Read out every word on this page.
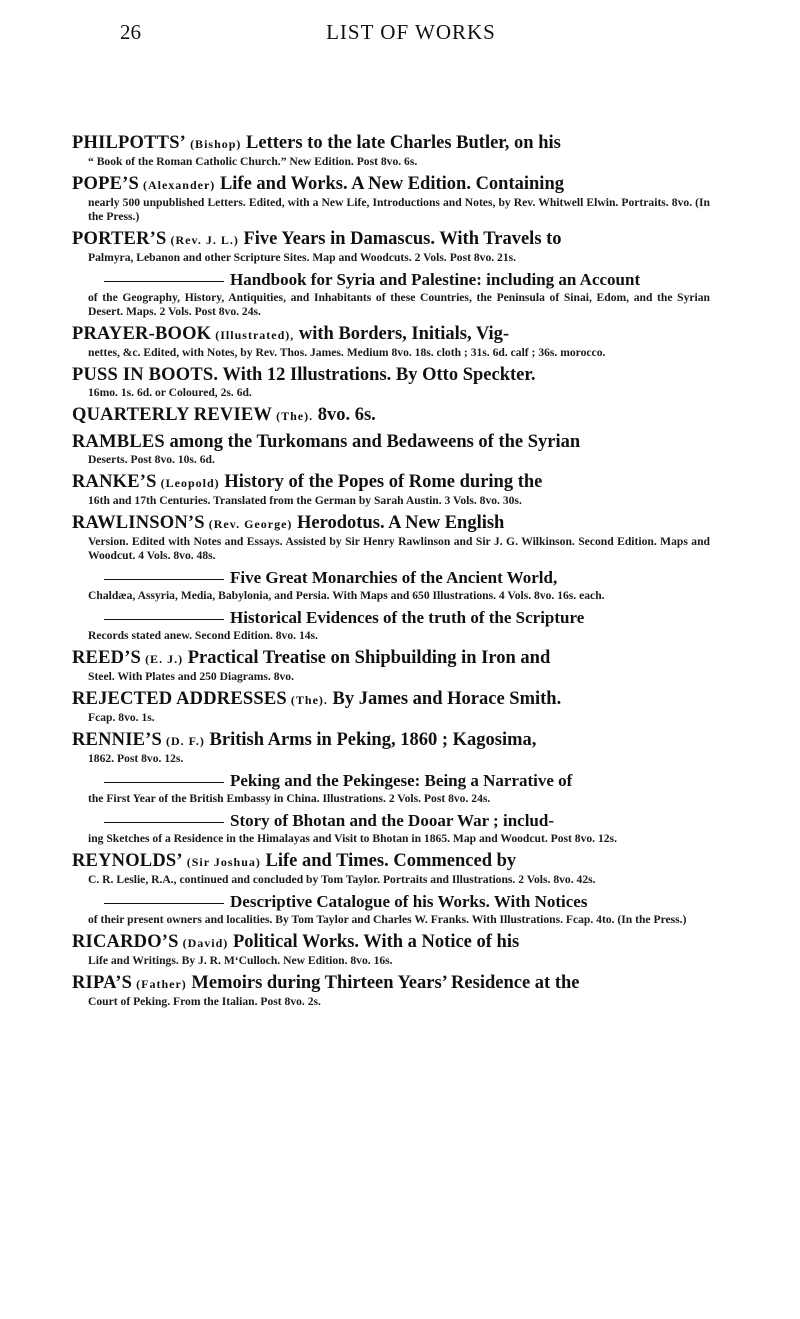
26	LIST OF WORKS
PHILPOTTS’ (Bishop) Letters to the late Charles Butler, on his
“ Book of the Roman Catholic Church.” New Edition. Post 8vo. 6s.
POPE’S (Alexander) Life and Works. A New Edition. Containing
nearly 500 unpublished Letters. Edited, with a New Life, Introductions and Notes, by Rev. Whitwell Elwin. Portraits. 8vo. (In the Press.)
PORTER’S (Rev. J. L.) Five Years in Damascus. With Travels to
Palmyra, Lebanon and other Scripture Sites. Map and Woodcuts. 2 Vols. Post 8vo. 21s.
Handbook for Syria and Palestine: including an Account
of the Geography, History, Antiquities, and Inhabitants of these Countries, the Peninsula of Sinai, Edom, and the Syrian Desert. Maps. 2 Vols. Post 8vo. 24s.
PRAYER-BOOK (Illustrated), with Borders, Initials, Vig-
nettes, &c. Edited, with Notes, by Rev. Thos. James. Medium 8vo. 18s. cloth ; 31s. 6d. calf ; 36s. morocco.
PUSS IN BOOTS. With 12 Illustrations. By Otto Speckter.
16mo. 1s. 6d. or Coloured, 2s. 6d.
QUARTERLY REVIEW (The). 8vo. 6s.
RAMBLES among the Turkomans and Bedaweens of the Syrian
Deserts. Post 8vo. 10s. 6d.
RANKE’S (Leopold) History of the Popes of Rome during the
16th and 17th Centuries. Translated from the German by Sarah Austin. 3 Vols. 8vo. 30s.
RAWLINSON’S (Rev. George) Herodotus. A New English
Version. Edited with Notes and Essays. Assisted by Sir Henry Rawlinson and Sir J. G. Wilkinson. Second Edition. Maps and Woodcut. 4 Vols. 8vo. 48s.
Five Great Monarchies of the Ancient World,
Chaldæa, Assyria, Media, Babylonia, and Persia. With Maps and 650 Illustrations. 4 Vols. 8vo. 16s. each.
Historical Evidences of the truth of the Scripture
Records stated anew. Second Edition. 8vo. 14s.
REED’S (E. J.) Practical Treatise on Shipbuilding in Iron and
Steel. With Plates and 250 Diagrams. 8vo.
REJECTED ADDRESSES (The). By James and Horace Smith.
Fcap. 8vo. 1s.
RENNIE’S (D. F.) British Arms in Peking, 1860 ; Kagosima,
1862. Post 8vo. 12s.
Peking and the Pekingese: Being a Narrative of
the First Year of the British Embassy in China. Illustrations. 2 Vols. Post 8vo. 24s.
Story of Bhotan and the Dooar War ; includ-
ing Sketches of a Residence in the Himalayas and Visit to Bhotan in 1865. Map and Woodcut. Post 8vo. 12s.
REYNOLDS’ (Sir Joshua) Life and Times. Commenced by
C. R. Leslie, R.A., continued and concluded by Tom Taylor. Portraits and Illustrations. 2 Vols. 8vo. 42s.
Descriptive Catalogue of his Works. With Notices
of their present owners and localities. By Tom Taylor and Charles W. Franks. With Illustrations. Fcap. 4to. (In the Press.)
RICARDO’S (David) Political Works. With a Notice of his
Life and Writings. By J. R. M‘Culloch. New Edition. 8vo. 16s.
RIPA’S (Father) Memoirs during Thirteen Years’ Residence at the
Court of Peking. From the Italian. Post 8vo. 2s.
